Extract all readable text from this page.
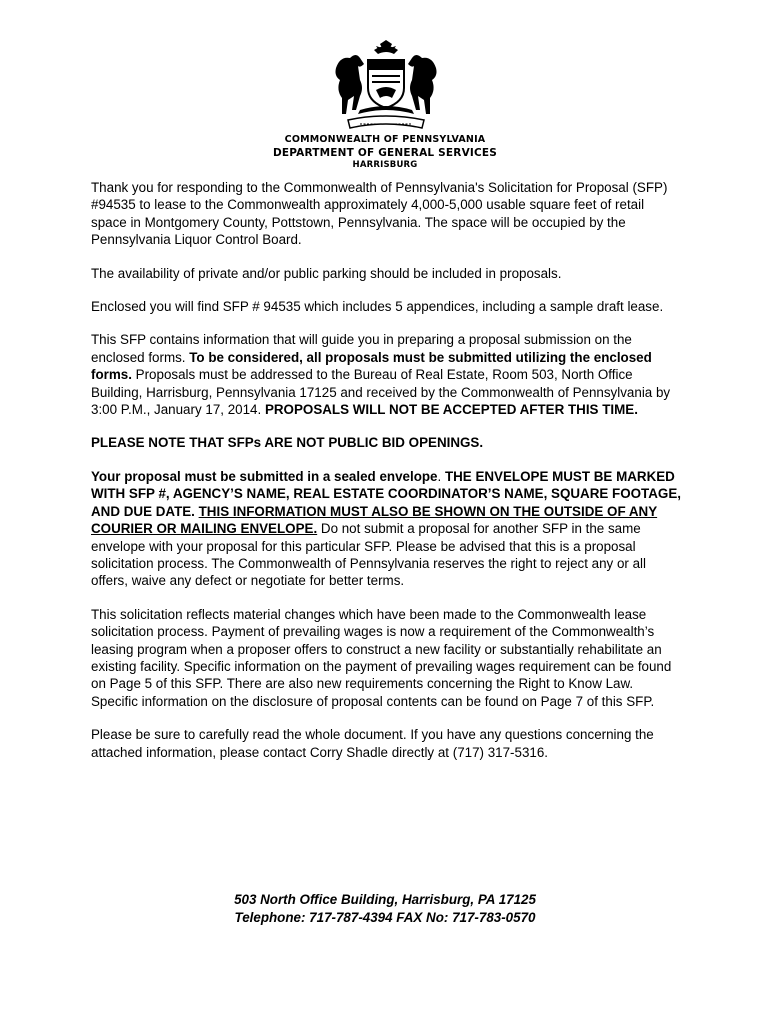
COMMONWEALTH OF PENNSYLVANIA
DEPARTMENT OF GENERAL SERVICES
HARRISBURG

Thank you for responding to the Commonwealth of Pennsylvania's Solicitation for Proposal (SFP) #94535 to lease to the Commonwealth approximately 4,000-5,000 usable square feet of retail space in Montgomery County, Pottstown, Pennsylvania. The space will be occupied by the Pennsylvania Liquor Control Board.

The availability of private and/or public parking should be included in proposals.

Enclosed you will find SFP # 94535 which includes 5 appendices, including a sample draft lease.

This SFP contains information that will guide you in preparing a proposal submission on the enclosed forms. To be considered, all proposals must be submitted utilizing the enclosed forms. Proposals must be addressed to the Bureau of Real Estate, Room 503, North Office Building, Harrisburg, Pennsylvania 17125 and received by the Commonwealth of Pennsylvania by 3:00 P.M., January 17, 2014. PROPOSALS WILL NOT BE ACCEPTED AFTER THIS TIME.

PLEASE NOTE THAT SFPs ARE NOT PUBLIC BID OPENINGS.

Your proposal must be submitted in a sealed envelope. THE ENVELOPE MUST BE MARKED WITH SFP #, AGENCY’S NAME, REAL ESTATE COORDINATOR’S NAME, SQUARE FOOTAGE, AND DUE DATE. THIS INFORMATION MUST ALSO BE SHOWN ON THE OUTSIDE OF ANY COURIER OR MAILING ENVELOPE. Do not submit a proposal for another SFP in the same envelope with your proposal for this particular SFP. Please be advised that this is a proposal solicitation process. The Commonwealth of Pennsylvania reserves the right to reject any or all offers, waive any defect or negotiate for better terms.

This solicitation reflects material changes which have been made to the Commonwealth lease solicitation process. Payment of prevailing wages is now a requirement of the Commonwealth’s leasing program when a proposer offers to construct a new facility or substantially rehabilitate an existing facility. Specific information on the payment of prevailing wages requirement can be found on Page 5 of this SFP. There are also new requirements concerning the Right to Know Law. Specific information on the disclosure of proposal contents can be found on Page 7 of this SFP.

Please be sure to carefully read the whole document. If you have any questions concerning the attached information, please contact Corry Shadle directly at (717) 317-5316.

503 North Office Building, Harrisburg, PA 17125
Telephone: 717-787-4394 FAX No: 717-783-0570
